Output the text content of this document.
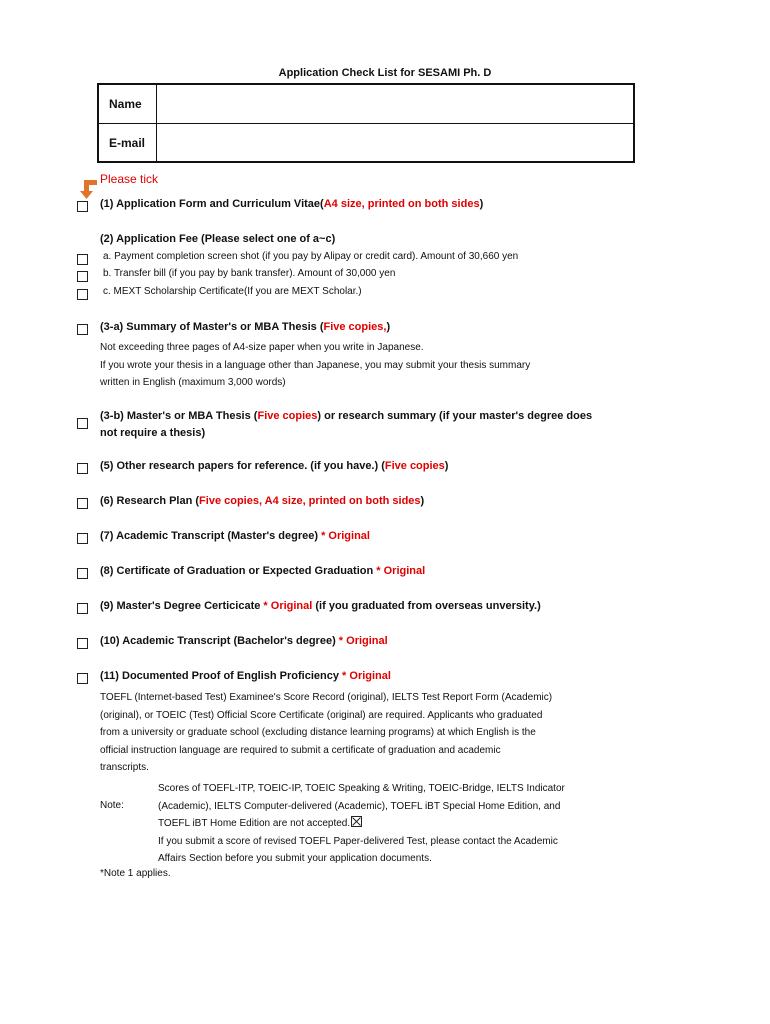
Application Check List for SESAMI Ph. D
Name
E-mail
Please tick
(1) Application Form and Curriculum Vitae(A4 size, printed on both sides)
(2) Application Fee (Please select one of a~c)
a. Payment completion screen shot (if you pay by Alipay or credit card). Amount of 30,660 yen
b. Transfer bill (if you pay by bank transfer). Amount of 30,000 yen
c. MEXT Scholarship Certificate(If you are MEXT Scholar.)
(3-a) Summary of Master's or MBA Thesis (Five copies,)
Not exceeding three pages of A4-size paper when you write in Japanese.
If you wrote your thesis in a language other than Japanese, you may submit your thesis summary
written in English (maximum 3,000 words)
(3-b) Master's or MBA Thesis (Five copies) or research summary (if your master's degree does
not require a thesis)
(5) Other research papers for reference. (if you have.) (Five copies)
(6) Research Plan (Five copies, A4 size, printed on both sides)
(7) Academic Transcript (Master's degree) * Original
(8) Certificate of Graduation or Expected Graduation * Original
(9) Master's Degree Certicicate * Original (if you graduated from overseas unversity.)
(10) Academic Transcript (Bachelor's degree) * Original
(11) Documented Proof of English Proficiency * Original
TOEFL (Internet-based Test) Examinee's Score Record (original), IELTS Test Report Form (Academic)
(original), or TOEIC (Test) Official Score Certificate (original) are required. Applicants who graduated
from a university or graduate school (excluding distance learning programs) at which English is the
official instruction language are required to submit a certificate of graduation and academic
transcripts.
Note:
Scores of TOEFL-ITP, TOEIC-IP, TOEIC Speaking & Writing, TOEIC-Bridge, IELTS Indicator
(Academic), IELTS Computer-delivered (Academic), TOEFL iBT Special Home Edition, and
TOEFL iBT Home Edition are not accepted.
If you submit a score of revised TOEFL Paper-delivered Test, please contact the Academic
Affairs Section before you submit your application documents.
*Note 1 applies.
